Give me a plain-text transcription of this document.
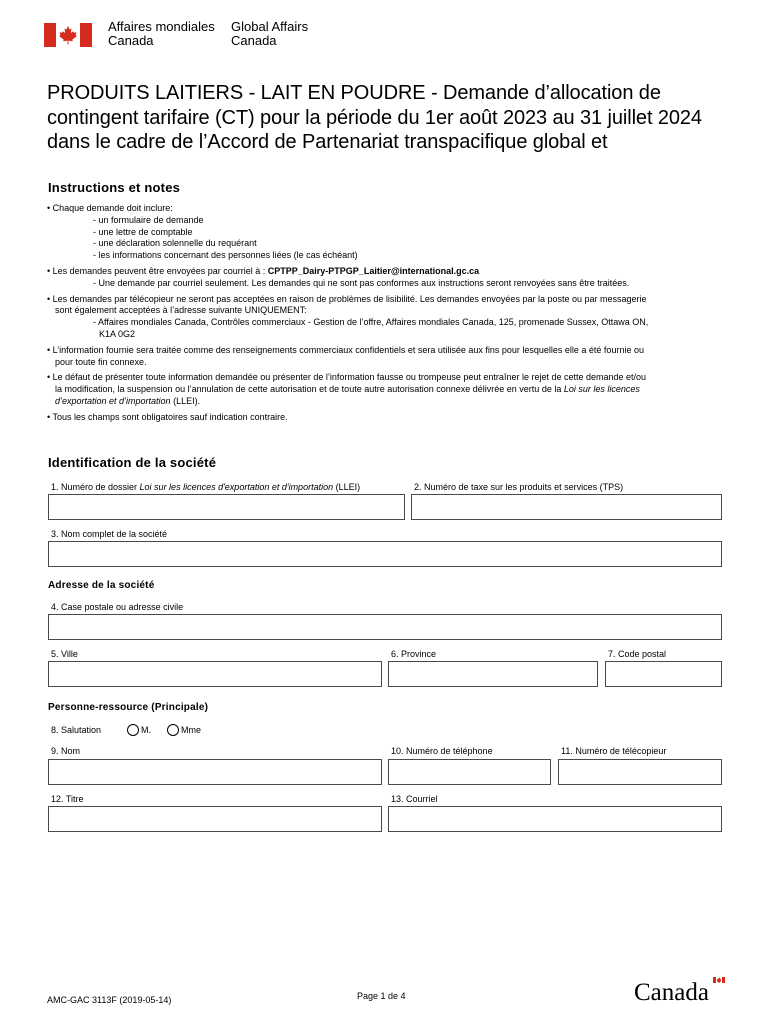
Affaires mondiales
Canada
Global Affairs
Canada
PRODUITS LAITIERS - LAIT EN POUDRE - Demande d’allocation de contingent tarifaire (CT) pour la période du 1er août 2023 au 31 juillet 2024 dans le cadre de l’Accord de Partenariat transpacifique global et
Instructions et notes

• Chaque demande doit inclure:

- un formulaire de demande

- une lettre de comptable

- une déclaration solennelle du requérant

- les informations concernant des personnes liées (le cas échéant)

• Les demandes peuvent être envoyées par courriel à : CPTPP_Dairy-PTPGP_Laitier@international.gc.ca

- Une demande par courriel seulement. Les demandes qui ne sont pas conformes aux instructions seront renvoyées sans être traitées.

• Les demandes par télécopieur ne seront pas acceptées en raison de problèmes de lisibilité. Les demandes envoyées par la poste ou par messagerie

sont également acceptées à l’adresse suivante UNIQUEMENT:

- Affaires mondiales Canada, Contrôles commerciaux - Gestion de l’offre, Affaires mondiales Canada, 125, promenade Sussex, Ottawa ON,

K1A 0G2

• L’information fournie sera traitée comme des renseignements commerciaux confidentiels et sera utilisée aux fins pour lesquelles elle a été fournie ou

pour toute fin connexe.

• Le défaut de présenter toute information demandée ou présenter de l’information fausse ou trompeuse peut entraîner le rejet de cette demande et/ou

la modification, la suspension ou l’annulation de cette autorisation et de toute autre autorisation connexe délivrée en vertu de la Loi sur les licences

d’exportation et d’importation (LLEI).

• Tous les champs sont obligatoires sauf indication contraire.

Identification de la société
1. Numéro de dossier Loi sur les licences d'exportation et d'importation (LLEI)	2. Numéro de taxe sur les produits et services (TPS)
3. Nom complet de la société
Adresse de la société
4. Case postale ou adresse civile
5. Ville	6. Province	7. Code postal
Personne-ressource (Principale)
8. Salutation	M.	Mme
9. Nom	10. Numéro de téléphone	11. Numéro de télécopieur
12. Titre	13. Courriel
AMC-GAC 3113F (2019-05-14)	Page 1 de 4	Canada
